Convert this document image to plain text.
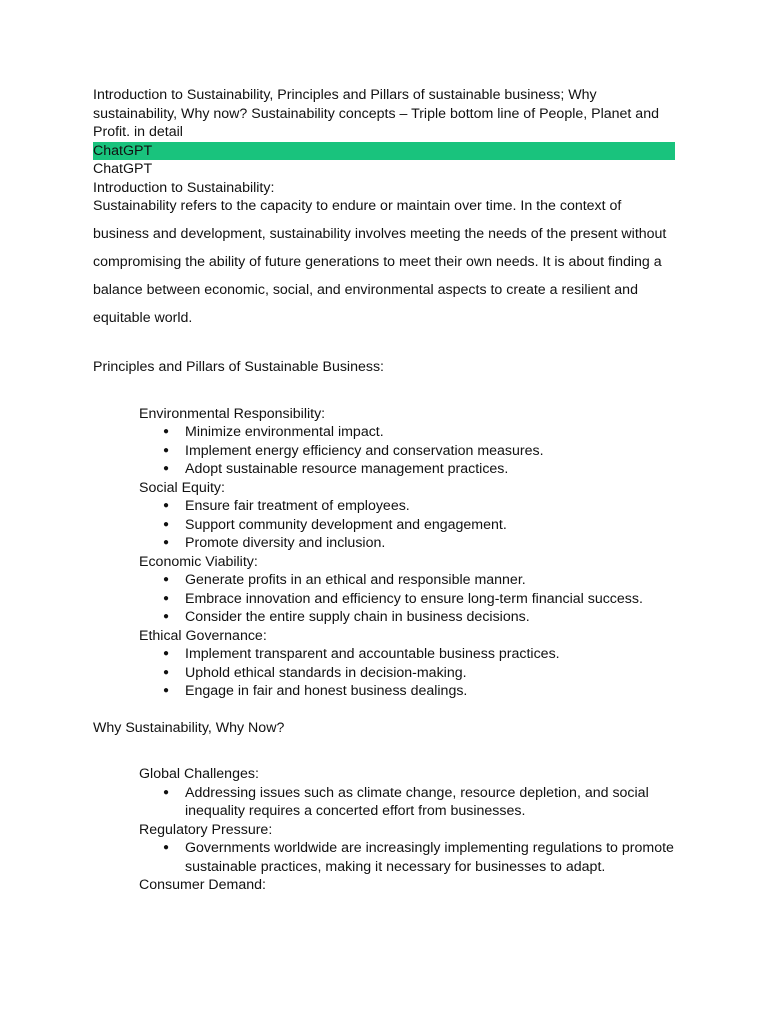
Introduction to Sustainability, Principles and Pillars of sustainable business; Why sustainability, Why now? Sustainability concepts – Triple bottom line of People, Planet and Profit. in detail

ChatGPT
ChatGPT
Introduction to Sustainability:
Sustainability refers to the capacity to endure or maintain over time. In the context of business and development, sustainability involves meeting the needs of the present without compromising the ability of future generations to meet their own needs. It is about finding a balance between economic, social, and environmental aspects to create a resilient and equitable world.
Principles and Pillars of Sustainable Business:
Environmental Responsibility:
● Minimize environmental impact.
● Implement energy efficiency and conservation measures.
● Adopt sustainable resource management practices.
Social Equity:
● Ensure fair treatment of employees.
● Support community development and engagement.
● Promote diversity and inclusion.
Economic Viability:
● Generate profits in an ethical and responsible manner.
● Embrace innovation and efficiency to ensure long-term financial success.
● Consider the entire supply chain in business decisions.
Ethical Governance:
● Implement transparent and accountable business practices.
● Uphold ethical standards in decision-making.
● Engage in fair and honest business dealings.
Why Sustainability, Why Now?
Global Challenges:
● Addressing issues such as climate change, resource depletion, and social inequality requires a concerted effort from businesses.
Regulatory Pressure:
● Governments worldwide are increasingly implementing regulations to promote sustainable practices, making it necessary for businesses to adapt.
Consumer Demand:
